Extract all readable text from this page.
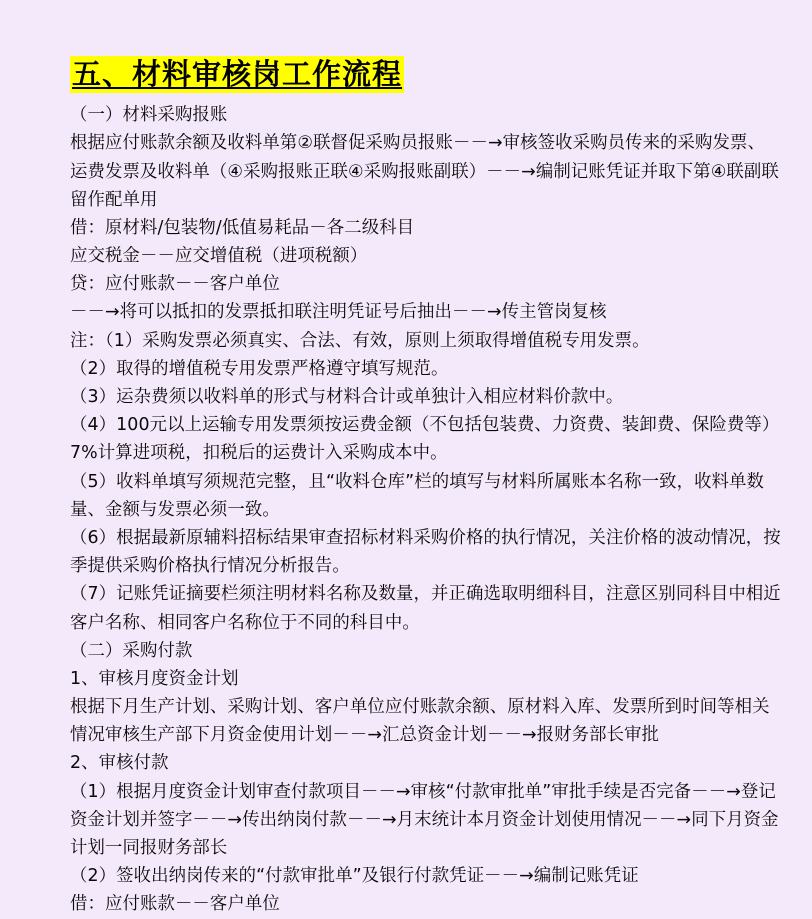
五、材料审核岗工作流程

（一）材料采购报账

根据应付账款余额及收料单第②联督促采购员报账－－→审核签收采购员传来的采购发票、运费发票及收料单（④采购报账正联④采购报账副联）－－→编制记账凭证并取下第④联副联留作配单用

借：原材料/包装物/低值易耗品－各二级科目

应交税金－－应交增值税（进项税额）

贷：应付账款－－客户单位

－－→将可以抵扣的发票抵扣联注明凭证号后抽出－－→传主管岗复核

注：（1）采购发票必须真实、合法、有效，原则上须取得增值税专用发票。

（2）取得的增值税专用发票严格遵守填写规范。

（3）运杂费须以收料单的形式与材料合计或单独计入相应材料价款中。

（4）100元以上运输专用发票须按运费金额（不包括包装费、力资费、装卸费、保险费等）7%计算进项税，扣税后的运费计入采购成本中。

（5）收料单填写须规范完整，且“收料仓库”栏的填写与材料所属账本名称一致，收料单数量、金额与发票必须一致。

（6）根据最新原辅料招标结果审查招标材料采购价格的执行情况，关注价格的波动情况，按季提供采购价格执行情况分析报告。

（7）记账凭证摘要栏须注明材料名称及数量，并正确选取明细科目，注意区别同科目中相近客户名称、相同客户名称位于不同的科目中。

（二）采购付款

1、审核月度资金计划

根据下月生产计划、采购计划、客户单位应付账款余额、原材料入库、发票所到时间等相关情况审核生产部下月资金使用计划－－→汇总资金计划－－→报财务部长审批

2、审核付款

（1）根据月度资金计划审查付款项目－－→审核“付款审批单”审批手续是否完备－－→登记资金计划并签字－－→传出纳岗付款－－→月末统计本月资金计划使用情况－－→同下月资金计划一同报财务部长

（2）签收出纳岗传来的“付款审批单”及银行付款凭证－－→编制记账凭证

借：应付账款－－客户单位
